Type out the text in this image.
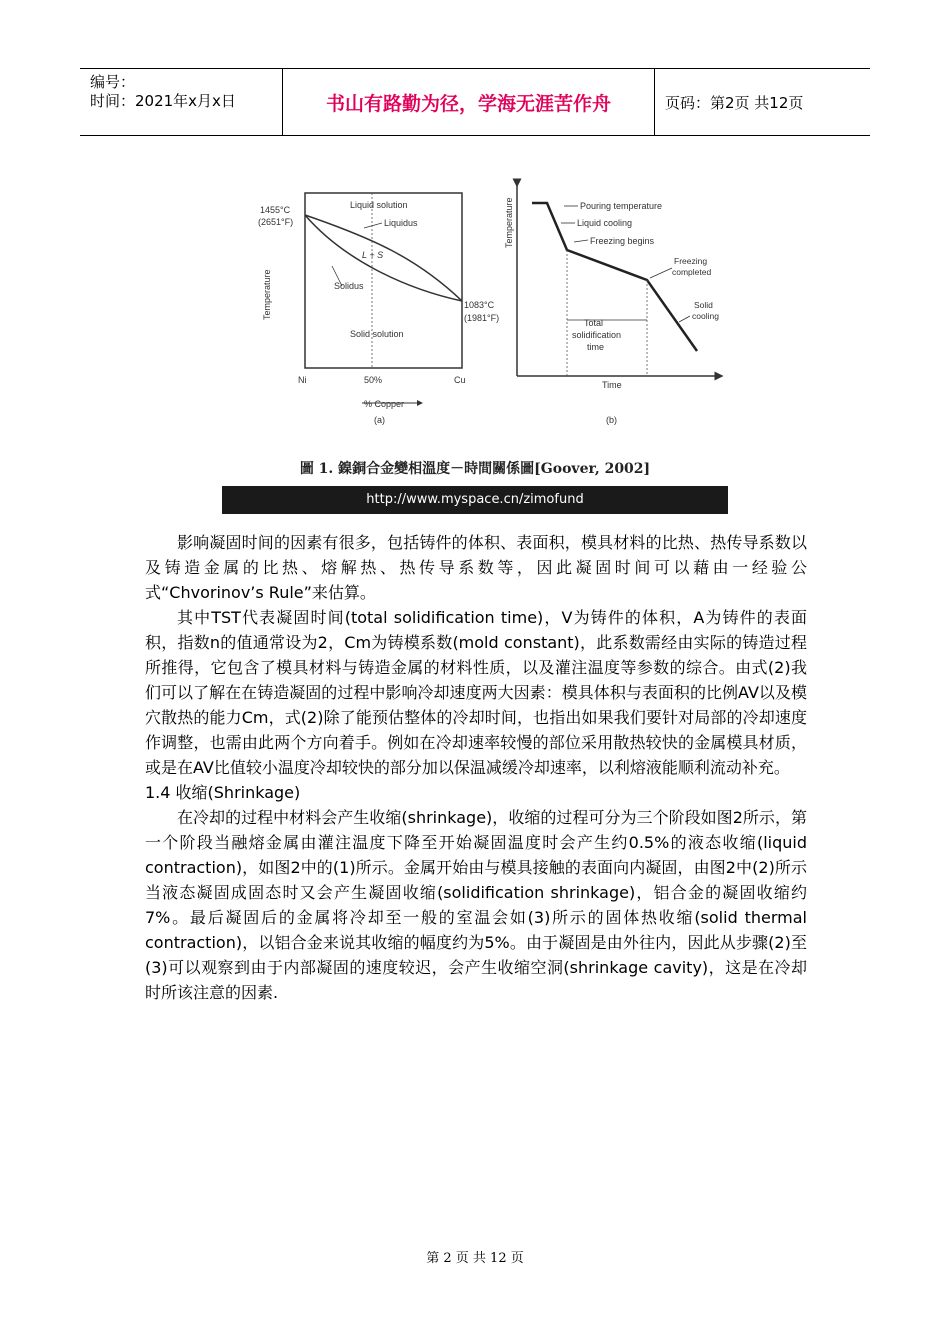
编号：
时间：2021年x月x日	书山有路勤为径，学海无涯苦作舟	页码：第2页 共12页
1455°C
(2651°F)
1083°C
(1981°F)
Liquid solution
Liquidus
L + S
Solidus
Solid solution
Temperature
Ni	50%	Cu
% Copper
(a)
Temperature	Pouring temperature
Liquid cooling
Freezing begins
Freezing
completed
Solid
cooling
Total
solidification
time
Time
(b)
圖 1. 鎳銅合金變相溫度－時間關係圖[Goover, 2002]
http://www.myspace.cn/zimofund

影响凝固时间的因素有很多，包括铸件的体积、表面积，模具材料的比热、热传导系数以及铸造金属的比热、熔解热、热传导系数等，因此凝固时间可以藉由一经验公式“Chvorinov’s Rule”来估算。

其中TST代表凝固时间(total solidification time)，V为铸件的体积，A为铸件的表面积，指数n的值通常设为2，Cm为铸模系数(mold constant)，此系数需经由实际的铸造过程所推得，它包含了模具材料与铸造金属的材料性质，以及灌注温度等参数的综合。由式(2)我们可以了解在在铸造凝固的过程中影响冷却速度两大因素：模具体积与表面积的比例AV以及模穴散热的能力Cm，式(2)除了能预估整体的冷却时间，也指出如果我们要针对局部的冷却速度作调整，也需由此两个方向着手。例如在冷却速率较慢的部位采用散热较快的金属模具材质，或是在AV比值较小温度冷却较快的部分加以保温减缓冷却速率，以利熔液能顺利流动补充。

1.4 收缩(Shrinkage)

在冷却的过程中材料会产生收缩(shrinkage)，收缩的过程可分为三个阶段如图2所示，第一个阶段当融熔金属由灌注温度下降至开始凝固温度时会产生约0.5%的液态收缩(liquid contraction)，如图2中的(1)所示。金属开始由与模具接触的表面向内凝固，由图2中(2)所示当液态凝固成固态时又会产生凝固收缩(solidification shrinkage)，铝合金的凝固收缩约7%。最后凝固后的金属将冷却至一般的室温会如(3)所示的固体热收缩(solid thermal contraction)，以铝合金来说其收缩的幅度约为5%。由于凝固是由外往内，因此从步骤(2)至(3)可以观察到由于内部凝固的速度较迟，会产生收缩空洞(shrinkage cavity)，这是在冷却时所该注意的因素.

第 2 页 共 12 页
